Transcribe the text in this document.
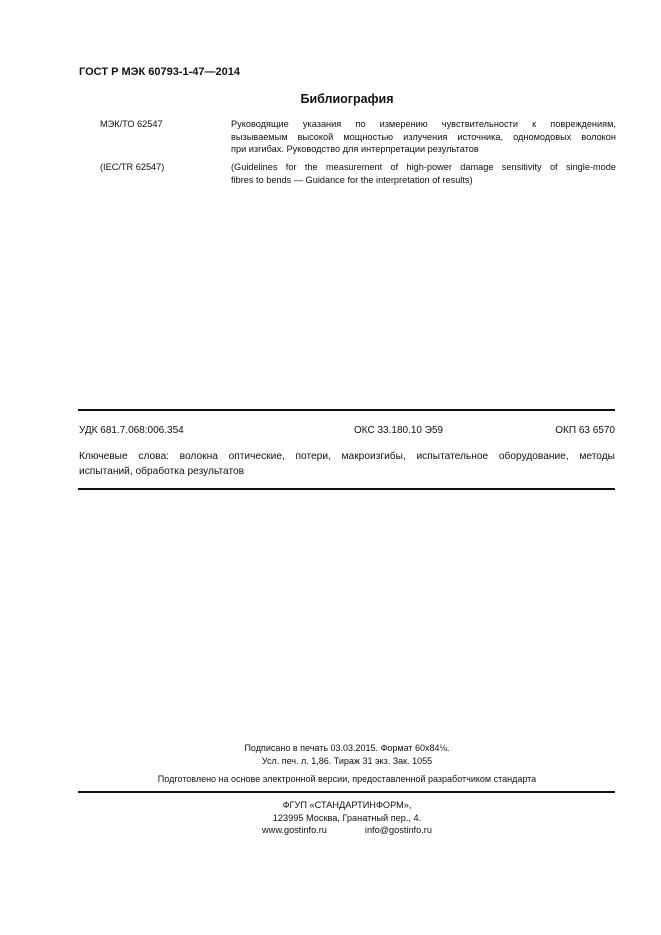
ГОСТ Р МЭК 60793-1-47—2014
Библиография
МЭК/ТО 62547	Руководящие указания по измерению чувствительности к повреждениям,
вызываемым высокой мощностью излучения источника, одномодовых волокон
при изгибах. Руководство для интерпретации результатов
(IEC/TR 62547)	(Guidelines for the measurement of high-power damage sensitivity of single-mode
fibres to bends — Guidance for the interpretation of results)
УДК 681.7.068:006.354	ОКС 33.180.10 Э59	ОКП 63 6570
Ключевые слова: волокна оптические, потери, макроизгибы, испытательное оборудование, методы
испытаний, обработка результатов
Подписано в печать 03.03.2015. Формат 60x84⅛.
Усл. печ. л. 1,86. Тираж 31 экз. Зак. 1055
Подготовлено на основе электронной версии, предоставленной разработчиком стандарта
ФГУП «СТАНДАРТИНФОРМ»,
123995 Москва, Гранатный пер., 4.
www.gostinfo.ru	info@gostinfo.ru
